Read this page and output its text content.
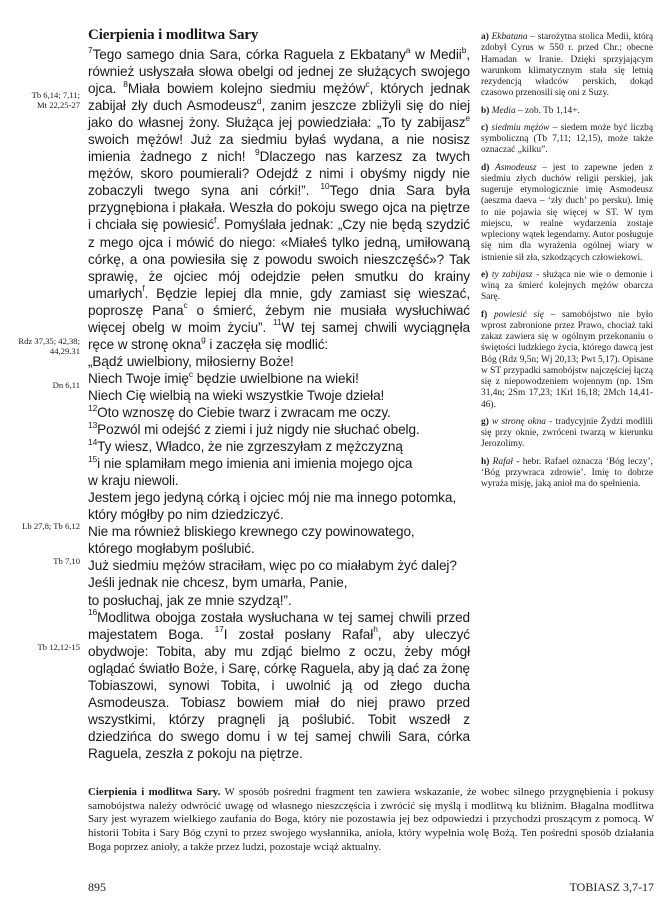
Cierpienia i modlitwa Sary

$^7$Tego samego dnia Sara, córka Raguela z Ekbatany$^a$ w Medii$^b$, również usłyszała słowa obelgi od jednej ze służących swojego ojca. $^8$Miała bowiem kolejno siedmiu mężów$^c$, których jednak zabijał zły duch Asmodeusz$^d$, zanim jeszcze zbliżyli się do niej jako do własnej żony. Służąca jej powiedziała: „To ty zabijasz$^e$ swoich mężów! Już za siedmiu byłaś wydana, a nie nosisz imienia żadnego z nich! $^9$Dlaczego nas karzesz za twych mężów, skoro poumierali? Odejdź z nimi i obyśmy nigdy nie zobaczyli twego syna ani córki!”. $^{10}$Tego dnia Sara była przygnębiona i płakała. Weszła do pokoju swego ojca na piętrze i chciała się powiesić$^f$. Pomyślała jednak: „Czy nie będą szydzić z mego ojca i mówić do niego: «Miałeś tylko jedną, umiłowaną córkę, a ona powiesiła się z powodu swoich nieszczęść»? Tak sprawię, że ojciec mój odejdzie pełen smutku do krainy umarłych$^f$. Będzie lepiej dla mnie, gdy zamiast się wieszać, poproszę Pana$^c$ o śmierć, żebym nie musiała wysłuchiwać więcej obelg w moim życiu”. $^{11}$W tej samej chwili wyciągnęła ręce w stronę okna$^g$ i zaczęła się modlić:

„Bądź uwielbiony, miłosierny Boże!
Niech Twoje imię$^c$ będzie uwielbione na wieki!
Niech Cię wielbią na wieki wszystkie Twoje dzieła!
$^{12}$Oto wznoszę do Ciebie twarz i zwracam me oczy.
$^{13}$Pozwól mi odejść z ziemi i już nigdy nie słuchać obelg.
$^{14}$Ty wiesz, Władco, że nie zgrzeszyłam z mężczyzną
$^{15}$i nie splamiłam mego imienia ani imienia mojego ojca
w kraju niewoli.
Jestem jego jedyną córką i ojciec mój nie ma innego potomka,
który mógłby po nim dziedziczyć.
Nie ma również bliskiego krewnego czy powinowatego,
którego mogłabym poślubić.
Już siedmiu mężów straciłam, więc po co miałabym żyć dalej?
Jeśli jednak nie chcesz, bym umarła, Panie,
to posłuchaj, jak ze mnie szydzą!”.

$^{16}$Modlitwa obojga została wysłuchana w tej samej chwili przed majestatem Boga. $^{17}$I został posłany Rafał$^h$, aby uleczyć obydwoje: Tobita, aby mu zdjąć bielmo z oczu, żeby mógł oglądać światło Boże, i Sarę, córkę Raguela, aby ją dać za żonę Tobiaszowi, synowi Tobita, i uwolnić ją od złego ducha Asmodeusza. Tobiasz bowiem miał do niej prawo przed wszystkimi, którzy pragnęli ją poślubić. Tobit wszedł z dziedzińca do swego domu i w tej samej chwili Sara, córka Raguela, zeszła z pokoju na piętrze.

Tb 6,14; 7,11;
Mt 22,25-27
Rdz 37,35; 42,38;
44,29.31
Dn 6,11
Lb 27,8; Tb 6,12
Tb 7,10
Tb 12,12-15

a) Ekbatana – starożytna stolica Medii, którą zdobył Cyrus w 550 r. przed Chr.; obecne Hamadan w Iranie. Dzięki sprzyjającym warunkom klimatycznym stała się letnią rezydencją władców perskich, dokąd czasowo przenosili się oni z Suzy.

b) Media – zob. Tb 1,14+.

c) siedmiu mężów – siedem może być liczbą symboliczną (Tb 7,11; 12,15), może także oznaczać „kilku”.

d) Asmodeusz – jest to zapewne jeden z siedmiu złych duchów religii perskiej, jak sugeruje etymologicznie imię Asmodeusz (aeszma daeva – ‘zły duch’ po persku). Imię to nie pojawia się więcej w ST. W tym miejscu, w realne wydarzenia zostaje wpleciony wątek legendarny. Autor posługuje się nim dla wyrażenia ogólnej wiary w istnienie sił zła, szkodzących człowiekowi.

e) ty zabijasz - służąca nie wie o demonie i winą za śmierć kolejnych mężów obarcza Sarę.

f) powiesić się – samobójstwo nie było wprost zabronione przez Prawo, chociaż taki zakaz zawiera się w ogólnym przekonaniu o świętości ludzkiego życia, którego dawcą jest Bóg (Rdz 9,5n; Wj 20,13; Pwt 5,17). Opisane w ST przypadki samobójstw najczęściej łączą się z niepowodzeniem wojennym (np. 1Sm 31,4n; 2Sm 17,23; 1Krl 16,18; 2Mch 14,41-46).

g) w stronę okna - tradycyjnie Żydzi modlili się przy oknie, zwróceni twarzą w kierunku Jerozolimy.

h) Rafał - hebr. Rafael oznacza ‘Bóg leczy’, ‘Bóg przywraca zdrowie’. Imię to dobrze wyraża misję, jaką anioł ma do spełnienia.

Cierpienia i modlitwa Sary. W sposób pośredni fragment ten zawiera wskazanie, że wobec silnego przygnębienia i pokusy samobójstwa należy odwrócić uwagę od własnego nieszczęścia i zwrócić się myślą i modlitwą ku bliźnim. Błagalna modlitwa Sary jest wyrazem wielkiego zaufania do Boga, który nie pozostawia jej bez odpowiedzi i przychodzi proszącym z pomocą. W historii Tobita i Sary Bóg czyni to przez swojego wysłannika, anioła, który wypełnia wolę Bożą. Ten pośredni sposób działania Boga poprzez anioły, a także przez ludzi, pozostaje wciąż aktualny.
895	TOBIASZ 3,7-17
